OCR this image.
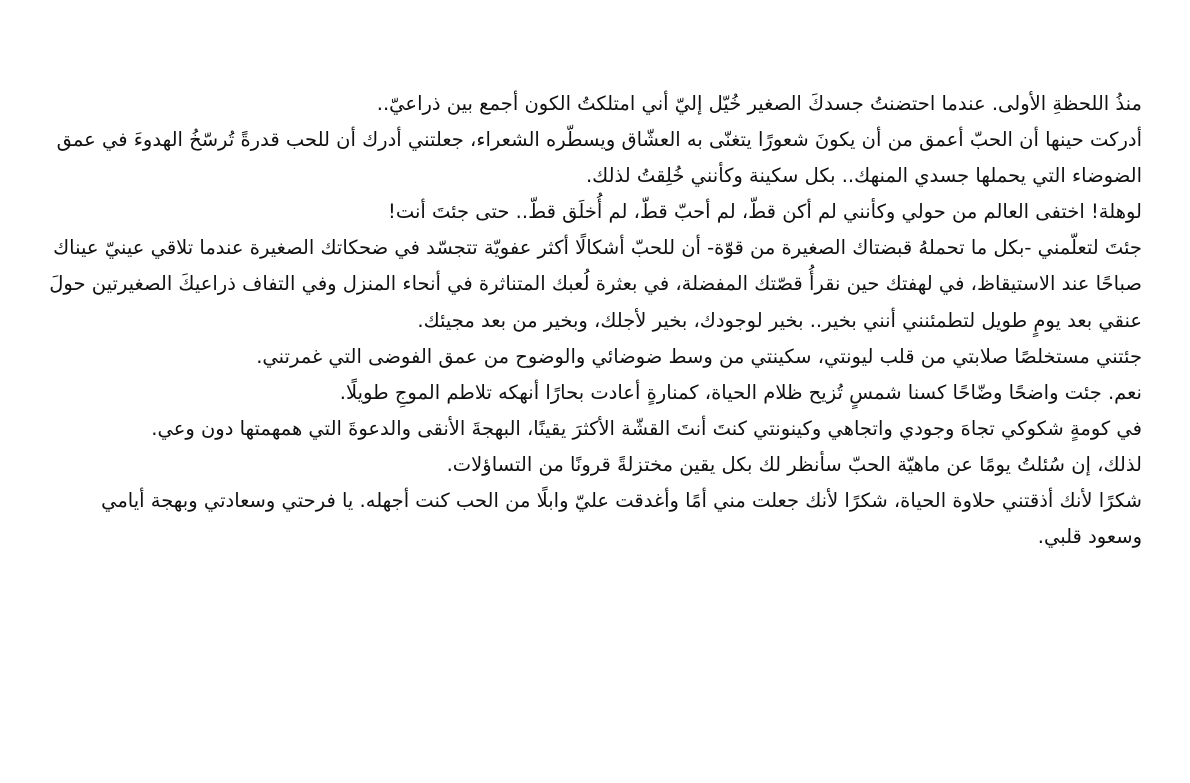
منذُ اللحظةِ الأولى. عندما احتضنتُ جسدكَ الصغير خُيّل إليّ أني امتلكتُ الكون أجمع بين ذراعيّ..

أدركت حينها أن الحبّ أعمق من أن يكونَ شعورًا يتغنّى به العشّاق ويسطّره الشعراء، جعلتني أدرك أن للحب قدرةً تُرسّخُ الهدوءَ في عمق الضوضاء التي يحملها جسدي المنهك.. بكل سكينة وكأنني خُلِقتُ لذلك.

لوهلة! اختفى العالم من حولي وكأنني لم أكن قطّ، لم أحبّ قطّ، لم أُخلَق قطّ.. حتى جئتَ أنت!

جئتَ لتعلّمني -بكل ما تحملهُ قبضتاك الصغيرة من قوّة- أن للحبّ أشكالًا أكثر عفويّة تتجسّد في ضحكاتك الصغيرة عندما تلاقي عينيّ عيناك صباحًا عند الاستيقاظ، في لهفتك حين نقرأُ قصّتك المفضلة، في بعثرة لُعبك المتناثرة في أنحاء المنزل وفي التفاف ذراعيكَ الصغيرتين حولَ عنقي بعد يومٍ طويل لتطمئنني أنني بخير.. بخير لوجودك، بخير لأجلك، وبخير من بعد مجيئك.

جئتني مستخلصًا صلابتي من قلب ليونتي، سكينتي من وسط ضوضائي والوضوح من عمق الفوضى التي غمرتني.

نعم. جئت واضحًا وضّاحًا كسنا شمسٍ تُزيح ظلام الحياة، كمنارةٍ أعادت بحارًا أنهكه تلاطم الموجِ طويلًا.

في كومةٍ شكوكي تجاهَ وجودي واتجاهي وكينونتي كنتَ أنتَ القشّة الأكثرَ يقينًا، البهجةَ الأنقى والدعوةَ التي همهمتها دون وعي.

لذلك، إن سُئلتُ يومًا عن ماهيّة الحبّ سأنظر لك بكل يقين مختزلةً قرونًا من التساؤلات.

شكرًا لأنك أذقتني حلاوة الحياة، شكرًا لأنك جعلت مني أمًا وأغدقت عليّ وابلًا من الحب كنت أجهله. يا فرحتي وسعادتي وبهجة أيامي وسعود قلبي.
